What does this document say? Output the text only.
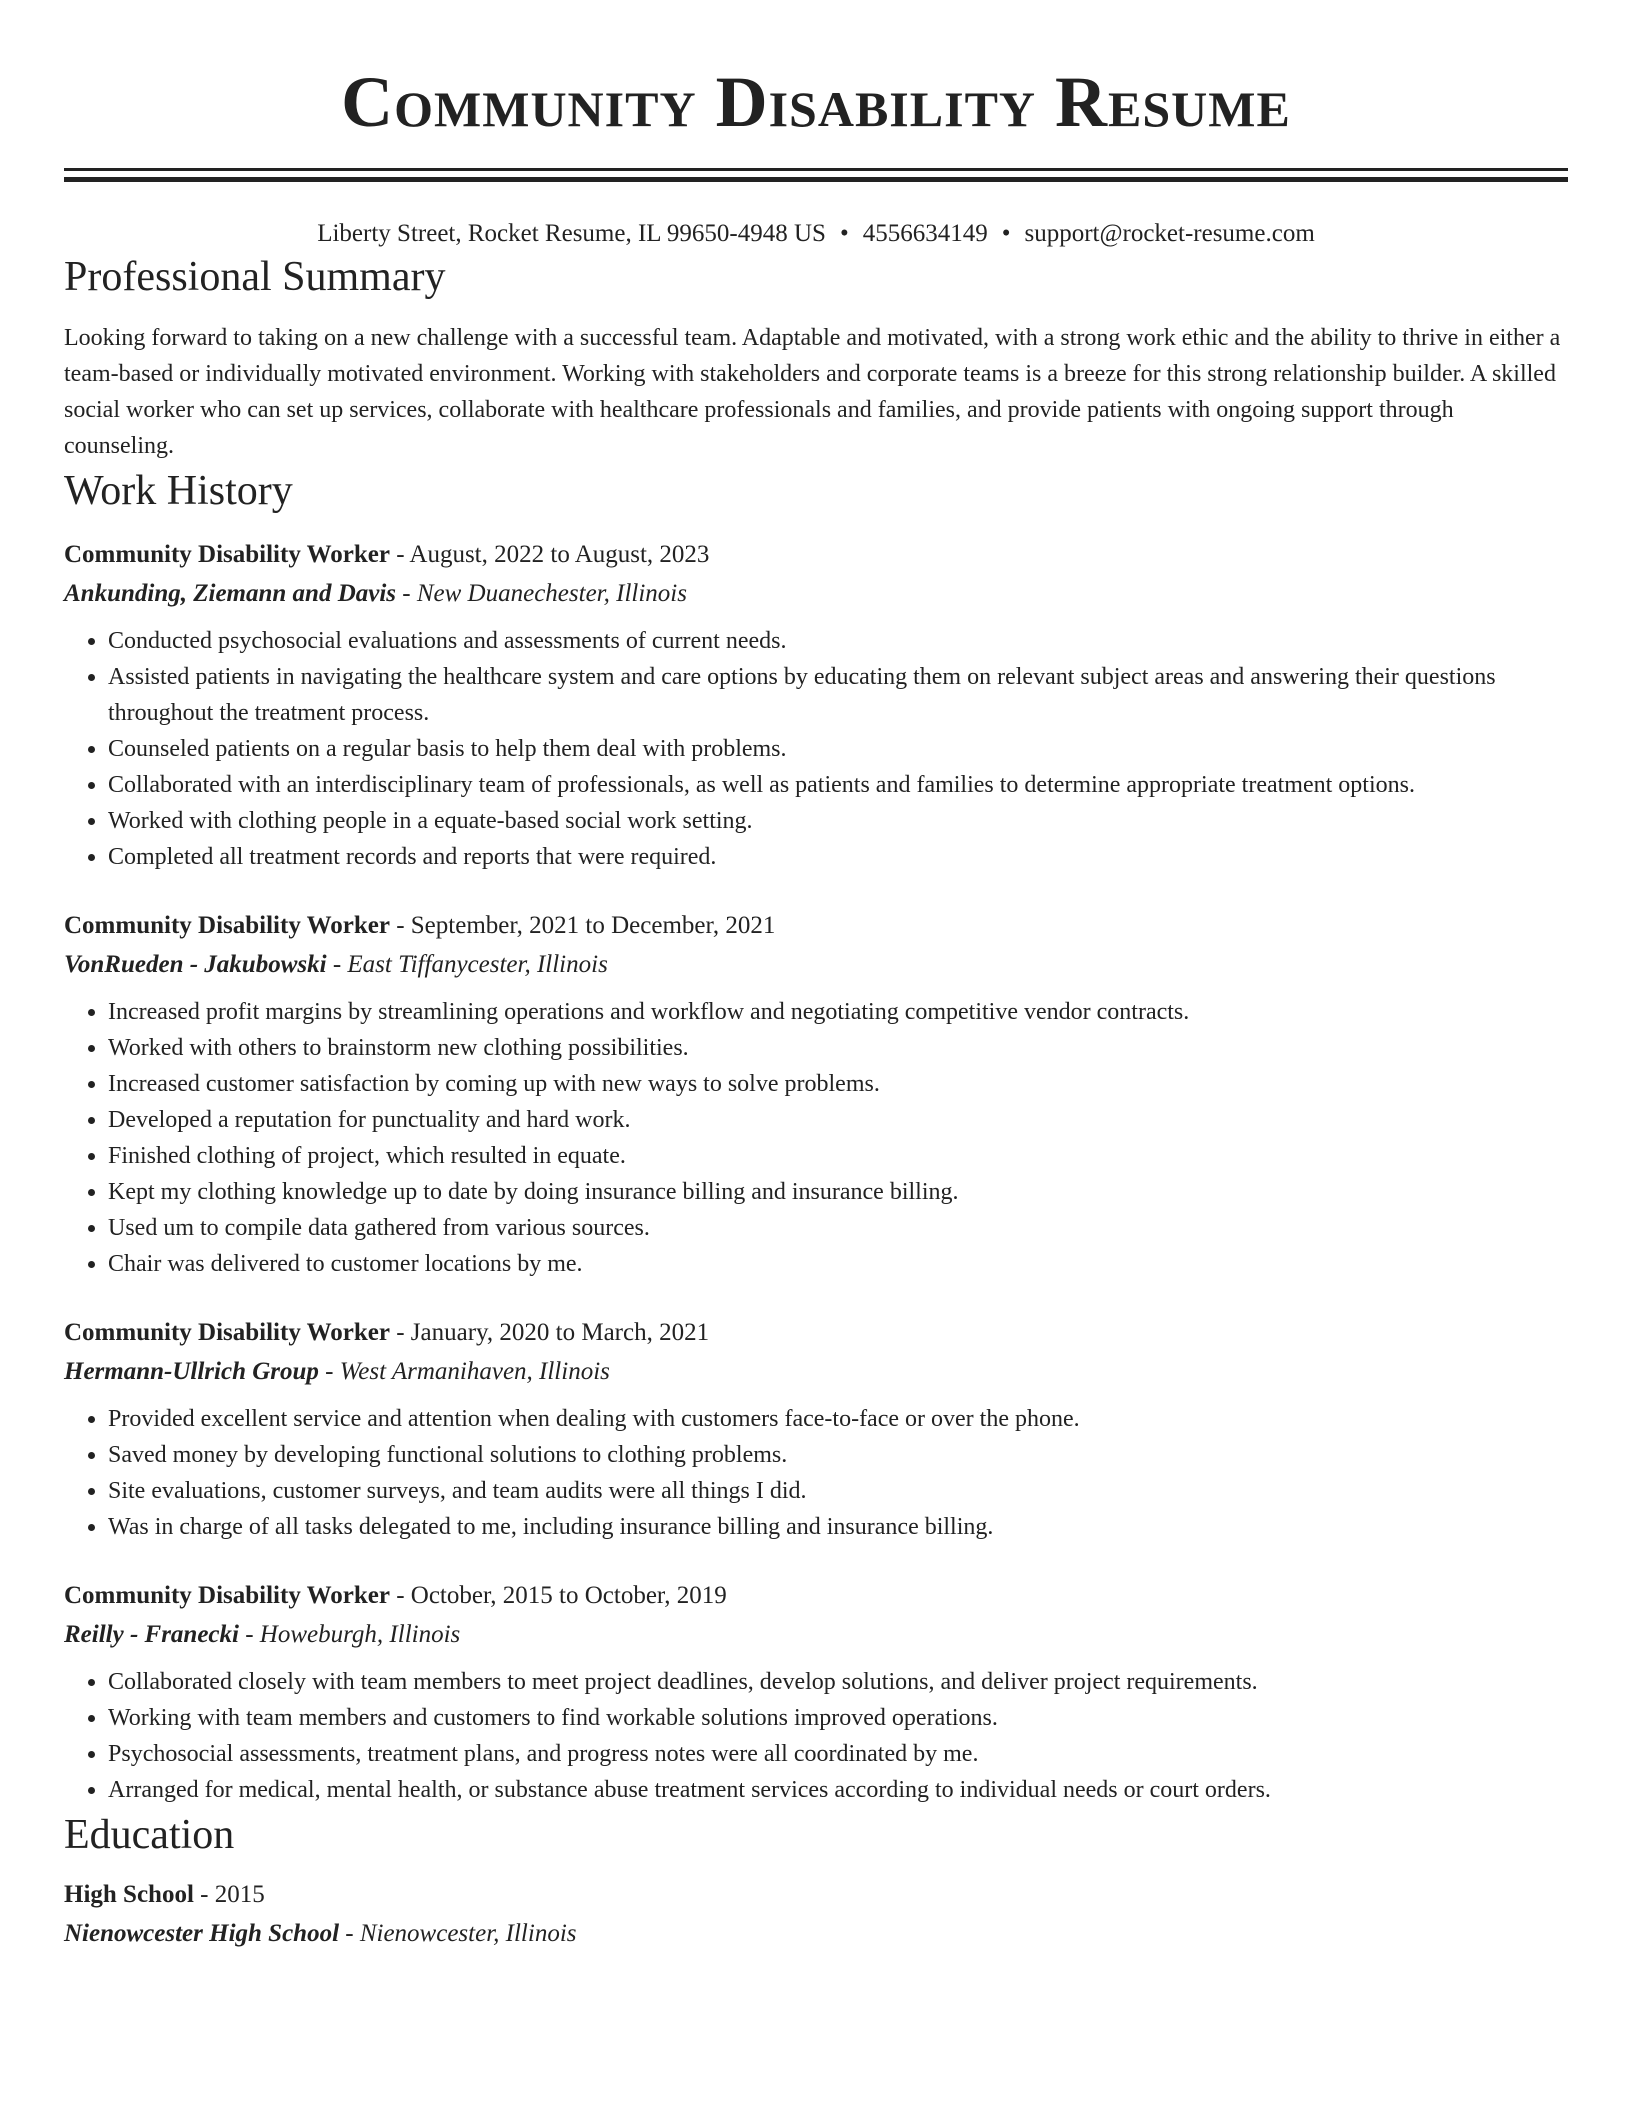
Community Disability Resume
Liberty Street, Rocket Resume, IL 99650-4948 US • 4556634149 • support@rocket-resume.com
Professional Summary

Looking forward to taking on a new challenge with a successful team. Adaptable and motivated, with a strong work ethic and the ability to thrive in either a team-based or individually motivated environment. Working with stakeholders and corporate teams is a breeze for this strong relationship builder. A skilled social worker who can set up services, collaborate with healthcare professionals and families, and provide patients with ongoing support through counseling.

Work History
Community Disability Worker - August, 2022 to August, 2023
Ankunding, Ziemann and Davis - New Duanechester, Illinois
• Conducted psychosocial evaluations and assessments of current needs.
• Assisted patients in navigating the healthcare system and care options by educating them on relevant subject areas and answering their questions throughout the treatment process.
• Counseled patients on a regular basis to help them deal with problems.
• Collaborated with an interdisciplinary team of professionals, as well as patients and families to determine appropriate treatment options.
• Worked with clothing people in a equate-based social work setting.
• Completed all treatment records and reports that were required.
Community Disability Worker - September, 2021 to December, 2021
VonRueden - Jakubowski - East Tiffanycester, Illinois
• Increased profit margins by streamlining operations and workflow and negotiating competitive vendor contracts.
• Worked with others to brainstorm new clothing possibilities.
• Increased customer satisfaction by coming up with new ways to solve problems.
• Developed a reputation for punctuality and hard work.
• Finished clothing of project, which resulted in equate.
• Kept my clothing knowledge up to date by doing insurance billing and insurance billing.
• Used um to compile data gathered from various sources.
• Chair was delivered to customer locations by me.
Community Disability Worker - January, 2020 to March, 2021
Hermann-Ullrich Group - West Armanihaven, Illinois
• Provided excellent service and attention when dealing with customers face-to-face or over the phone.
• Saved money by developing functional solutions to clothing problems.
• Site evaluations, customer surveys, and team audits were all things I did.
• Was in charge of all tasks delegated to me, including insurance billing and insurance billing.
Community Disability Worker - October, 2015 to October, 2019
Reilly - Franecki - Howeburgh, Illinois
• Collaborated closely with team members to meet project deadlines, develop solutions, and deliver project requirements.
• Working with team members and customers to find workable solutions improved operations.
• Psychosocial assessments, treatment plans, and progress notes were all coordinated by me.
• Arranged for medical, mental health, or substance abuse treatment services according to individual needs or court orders.
Education
High School - 2015
Nienowcester High School - Nienowcester, Illinois
